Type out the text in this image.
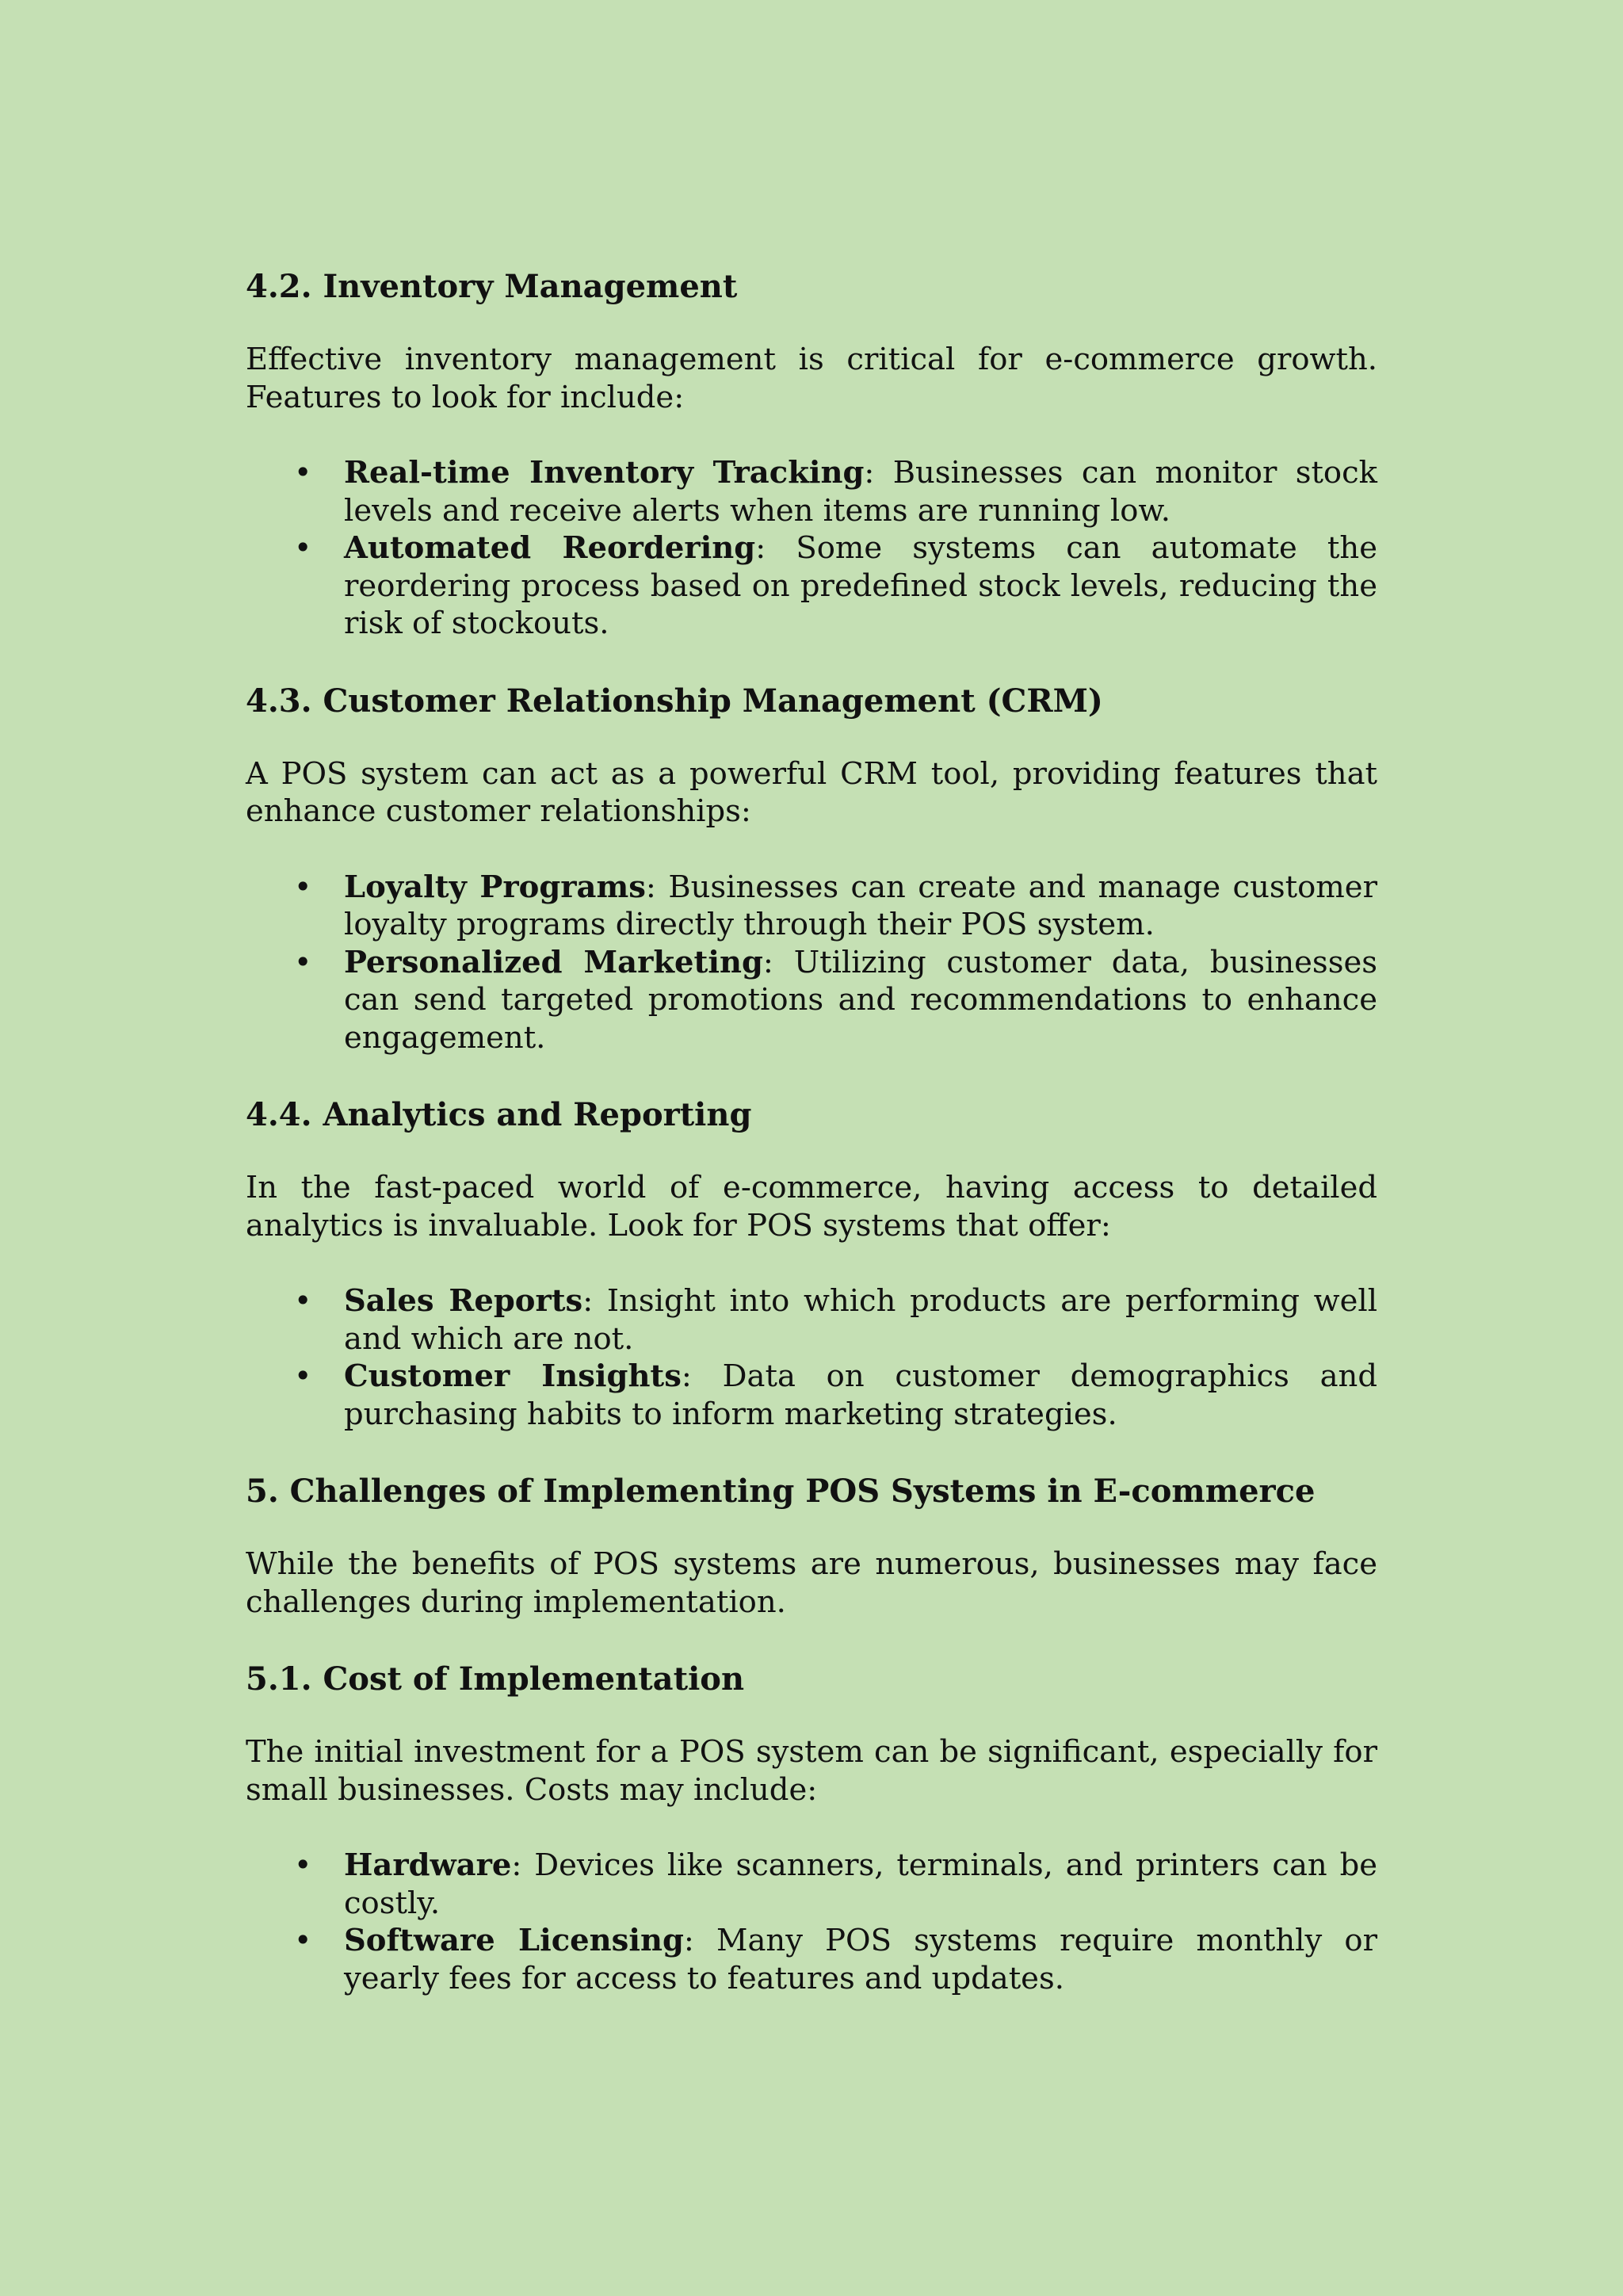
4.2. Inventory Management

Effective inventory management is critical for e-commerce growth. Features to look for include:

• Real-time Inventory Tracking: Businesses can monitor stock levels and receive alerts when items are running low.
• Automated Reordering: Some systems can automate the reordering process based on predefined stock levels, reducing the risk of stockouts.
4.3. Customer Relationship Management (CRM)

A POS system can act as a powerful CRM tool, providing features that enhance customer relationships:

• Loyalty Programs: Businesses can create and manage customer loyalty programs directly through their POS system.
• Personalized Marketing: Utilizing customer data, businesses can send targeted promotions and recommendations to enhance engagement.
4.4. Analytics and Reporting

In the fast-paced world of e-commerce, having access to detailed analytics is invaluable. Look for POS systems that offer:

• Sales Reports: Insight into which products are performing well and which are not.
• Customer Insights: Data on customer demographics and purchasing habits to inform marketing strategies.
5. Challenges of Implementing POS Systems in E-commerce

While the benefits of POS systems are numerous, businesses may face challenges during implementation.

5.1. Cost of Implementation

The initial investment for a POS system can be significant, especially for small businesses. Costs may include:

• Hardware: Devices like scanners, terminals, and printers can be costly.
• Software Licensing: Many POS systems require monthly or yearly fees for access to features and updates.
